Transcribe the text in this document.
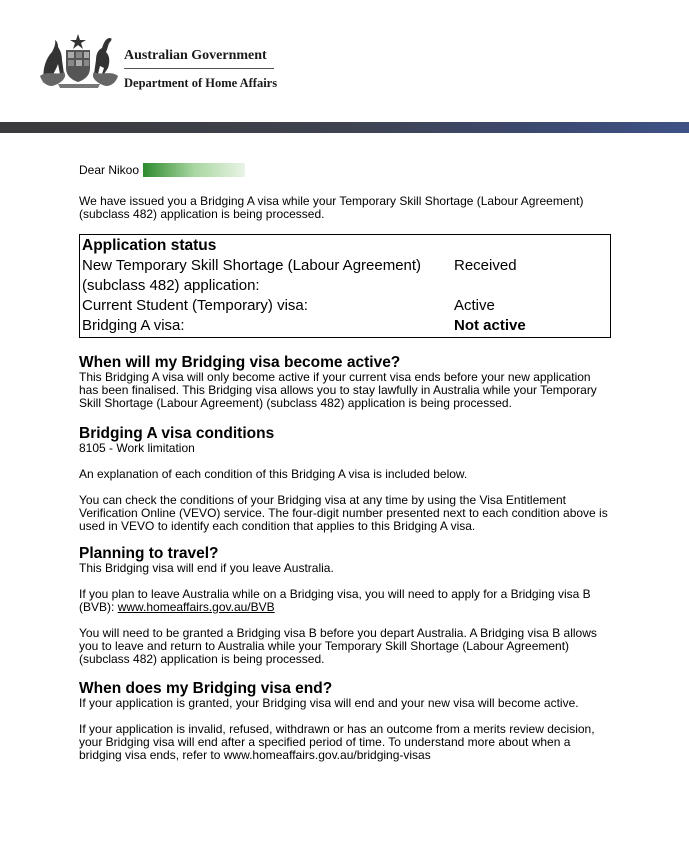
Australian Government
Department of Home Affairs
Dear Nikoo

We have issued you a Bridging A visa while your Temporary Skill Shortage (Labour Agreement) (subclass 482) application is being processed.

Application status
New Temporary Skill Shortage (Labour Agreement) (subclass 482) application:
Received
Current Student (Temporary) visa:	Active
Bridging A visa:	Not active
When will my Bridging visa become active?

This Bridging A visa will only become active if your current visa ends before your new application has been finalised. This Bridging visa allows you to stay lawfully in Australia while your Temporary Skill Shortage (Labour Agreement) (subclass 482) application is being processed.

Bridging A visa conditions

8105 - Work limitation

An explanation of each condition of this Bridging A visa is included below.

You can check the conditions of your Bridging visa at any time by using the Visa Entitlement Verification Online (VEVO) service. The four-digit number presented next to each condition above is used in VEVO to identify each condition that applies to this Bridging A visa.

Planning to travel?

This Bridging visa will end if you leave Australia.

If you plan to leave Australia while on a Bridging visa, you will need to apply for a Bridging visa B (BVB): www.homeaffairs.gov.au/BVB

You will need to be granted a Bridging visa B before you depart Australia. A Bridging visa B allows you to leave and return to Australia while your Temporary Skill Shortage (Labour Agreement) (subclass 482) application is being processed.

When does my Bridging visa end?

If your application is granted, your Bridging visa will end and your new visa will become active.

If your application is invalid, refused, withdrawn or has an outcome from a merits review decision, your Bridging visa will end after a specified period of time. To understand more about when a bridging visa ends, refer to www.homeaffairs.gov.au/bridging-visas
